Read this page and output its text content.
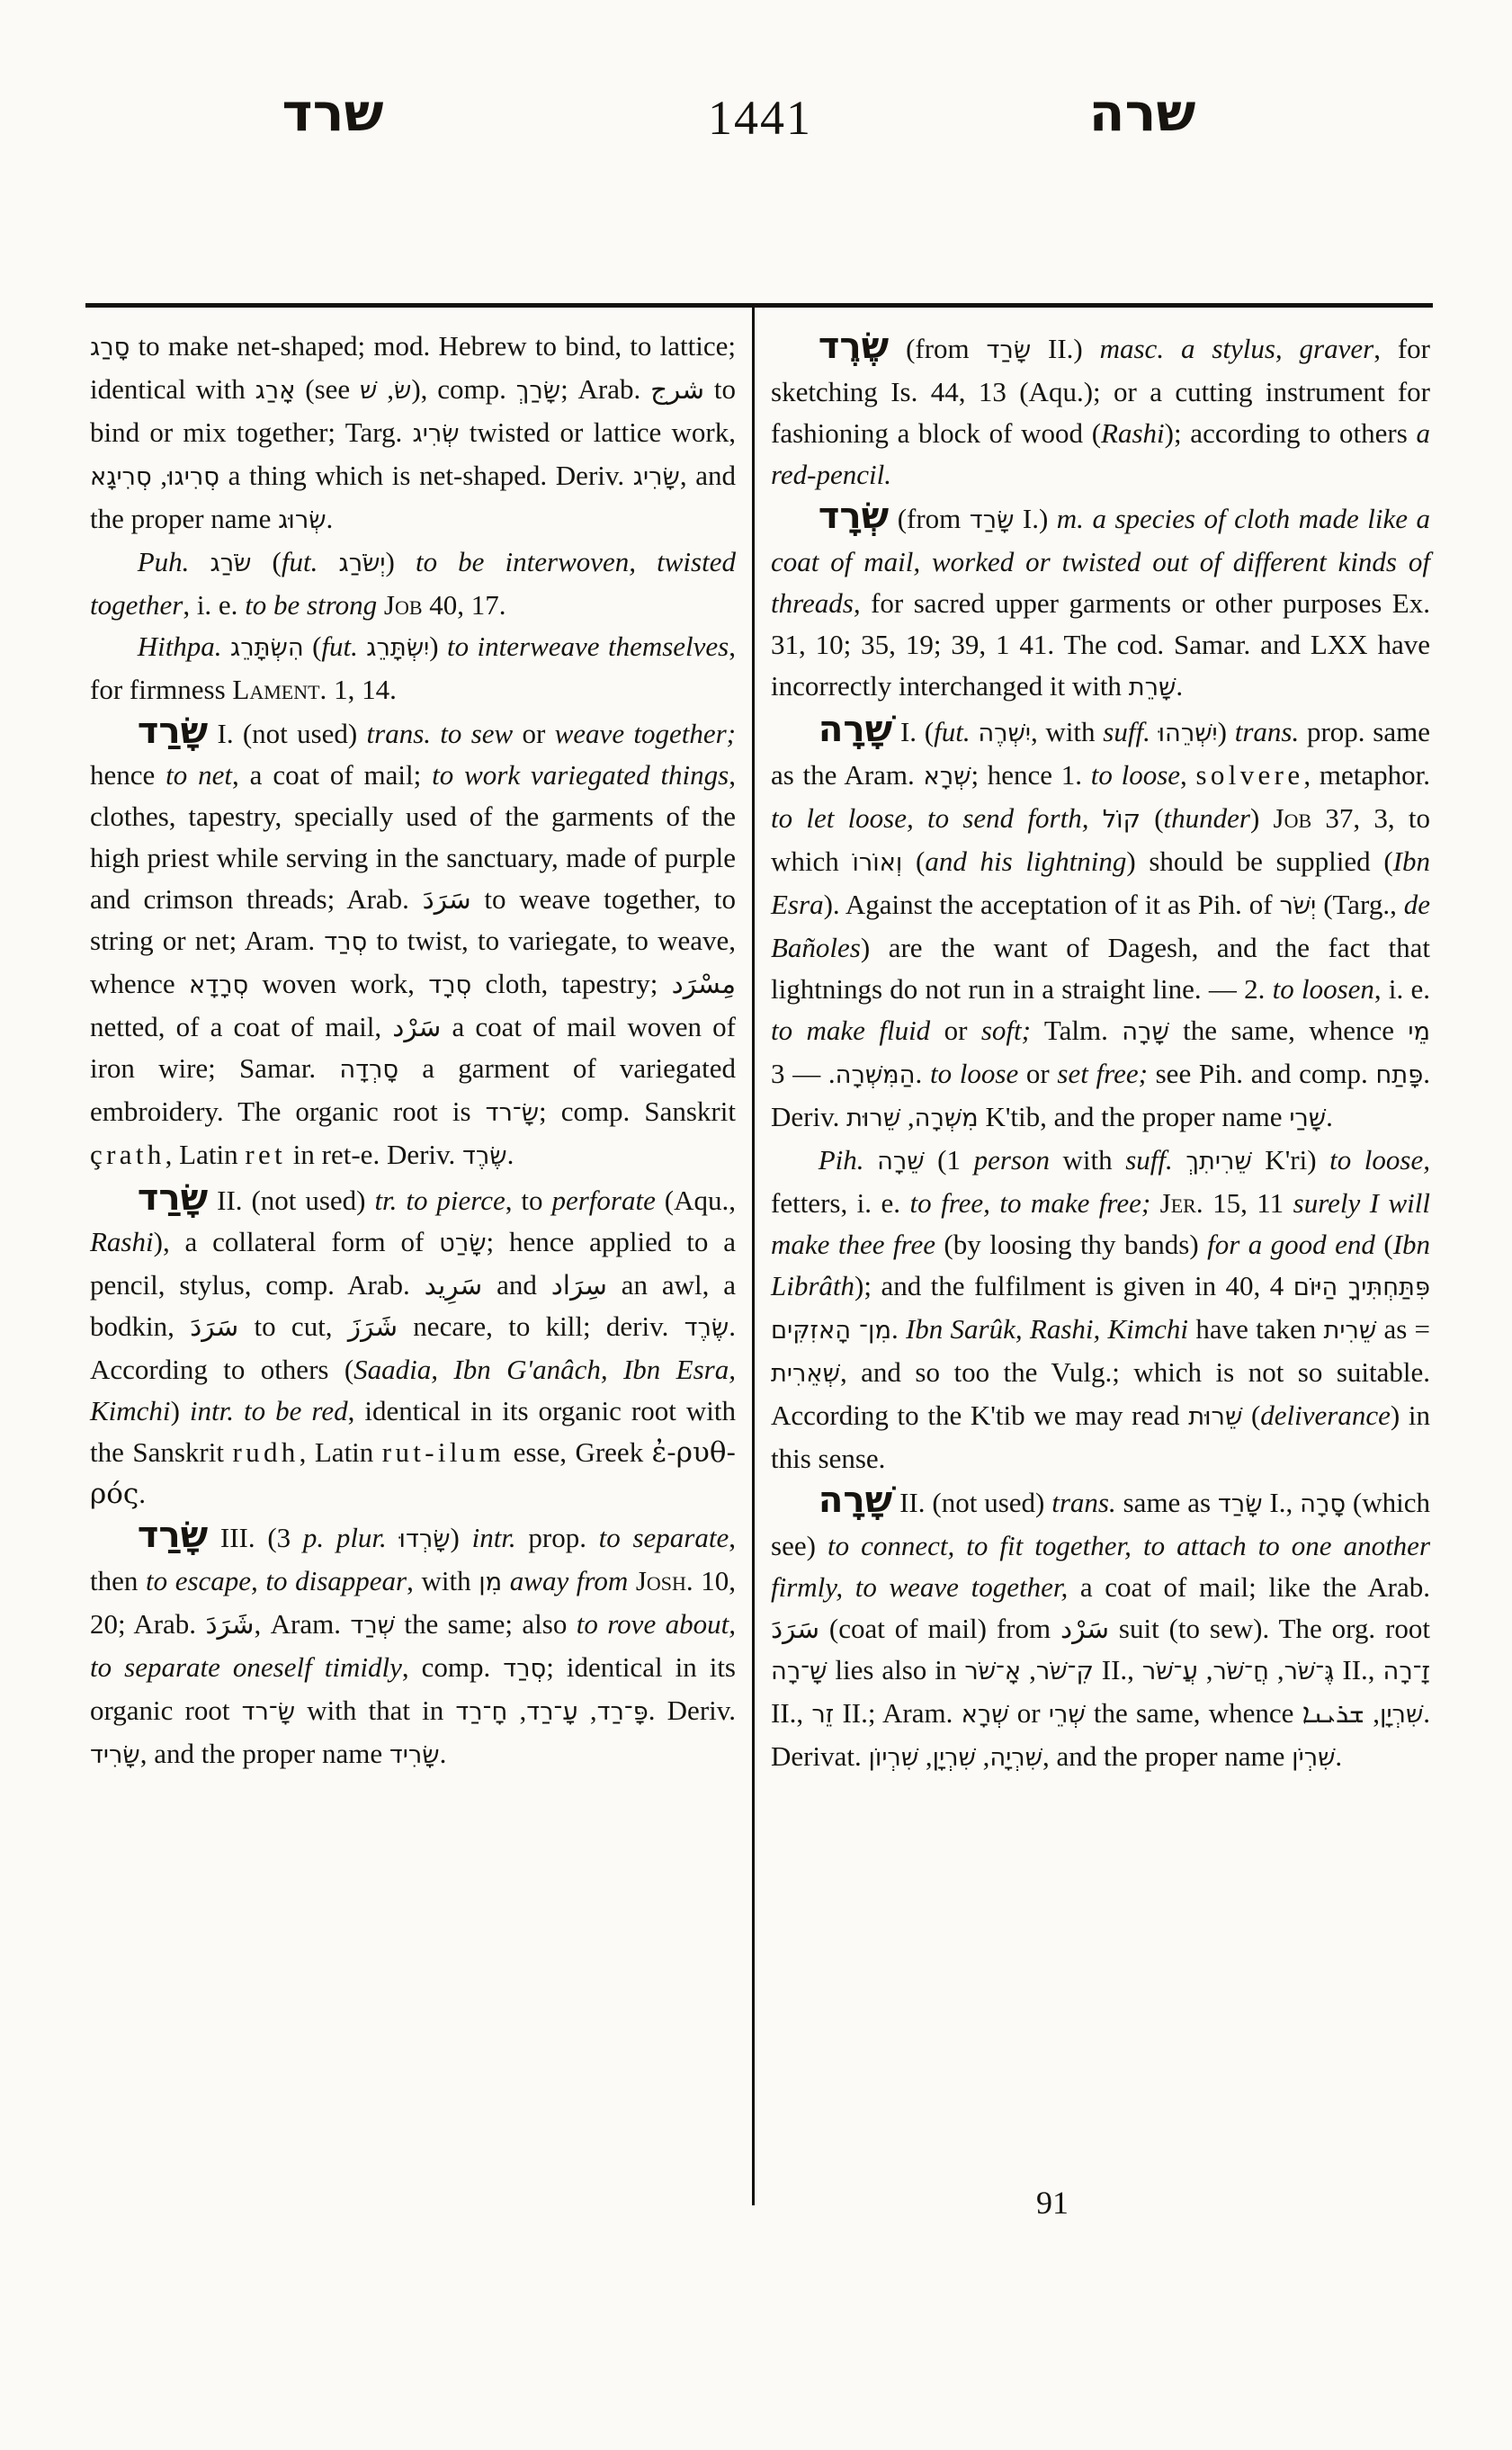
שרד	1441	שרה

סָרַג to make net-shaped; mod. Hebrew to bind, to lattice; identical with אָרַג (see שׂ, שׁ ), comp. שָׂרַךְ; Arab. شرج to bind or mix together; Targ. שְׂרִיג twisted or lattice work, סְרִיגוּ, סְרִיגָא a thing which is net-shaped. Deriv. שָׂרִיג, and the proper name שְׂרוּג.

Puh. שֹׂרַג (fut. יְשֹׂרַג) to be interwoven, twisted together, i. e. to be strong Job 40, 17.

Hithpa. הִשְׂתָּרֵג (fut. יִשְׂתָּרֵג) to interweave themselves, for firmness Lament. 1, 14.

שָׂרַד I. (not used) trans. to sew or weave together; hence to net, a coat of mail; to work variegated things, clothes, tapestry, specially used of the garments of the high priest while serving in the sanctuary, made of purple and crimson threads; Arab. سَرَدَ to weave together, to string or net; Aram. סְרַד to twist, to variegate, to weave, whence סְרָדָא woven work, סְרָד cloth, tapestry; مِسْرَد netted, of a coat of mail, سَرْد a coat of mail woven of iron wire; Samar. סָרְדָה a garment of variegated embroidery. The organic root is שָׂ־רד; comp. Sanskrit çrath, Latin ret in ret-e. Deriv. שֶׂרֶד.

שָׂרַד II. (not used) tr. to pierce, to perforate (Aqu., Rashi), a collateral form of שָׂרַט; hence applied to a pencil, stylus, comp. Arab. سَرِيد and سِرَاد an awl, a bodkin, سَرَدَ to cut, شَرَزَ necare, to kill; deriv. שֶׂרֶד. According to others (Saadia, Ibn G'anâch, Ibn Esra, Kimchi) intr. to be red, identical in its organic root with the Sanskrit rudh, Latin rut-ilum esse, Greek ἐ-ρυθ-ρός.

שָׂרַד III. (3 p. plur. שָׂרְדוּ) intr. prop. to separate, then to escape, to disappear, with מִן away from Josh. 10, 20; Arab. شَرَدَ, Aram. שְׁרַד the same; also to rove about, to separate oneself timidly, comp. סְרַד; identical in its organic root שָׂ־רד with that in	פָּ־רַד, עָ־רַד, חָ־רַד	. Deriv. שָׂרִיד, and the proper name שָׂרִיד.

שֶׂרֶד (from שָׂרַד II.) masc. a stylus, graver, for sketching Is. 44, 13 (Aqu.); or a cutting instrument for fashioning a block of wood (Rashi); according to others a red-pencil.

שְׂרָד (from שָׂרַד I.) m. a species of cloth made like a coat of mail, worked or twisted out of different kinds of threads, for sacred upper garments or other purposes Ex. 31, 10; 35, 19; 39, 1 41. The cod. Samar. and LXX have incorrectly interchanged it with שָׁרֵת.

שָׁרָה I. (fut. יִשְׁרֶה, with suff. יִשְׁרֵהוּ) trans. prop. same as the Aram. שְׁרָא; hence 1. to loose, solvere, metaphor. to let loose, to send forth, קוֹל (thunder) Job 37, 3, to which וְאוֹרוֹ (and his lightning) should be supplied (Ibn Esra). Against the acceptation of it as Pih. of יְשֹׁר (Targ., de Bañoles) are the want of Dagesh, and the fact that lightnings do not run in a straight line. — 2. to loosen, i. e. to make fluid or soft; Talm. שָׁרָה the same, whence מֵי הַמִּשְׁרָה. — 3. to loose or set free; see Pih. and comp. פָּתַח. Deriv.	מִשְׁרָה, שֵׁרוּת	K'tib, and the proper name שָׁרַי.

Pih. שֵׁרָה (1 person with suff. שֵׁרִיתִךְ K'ri) to loose, fetters, i. e. to free, to make free; Jer. 15, 11 surely I will make thee free (by loosing thy bands) for a good end (Ibn Librâth); and the fulfilment is given in 40, 4 פִּתַּחְתִּיךָ הַיּוֹם מִן־ הָאזִקִּים. Ibn Sarûk, Rashi, Kimchi have taken שֵׁרִית as = שְׁאֵרִית, and so too the Vulg.; which is not so suitable. According to the K'tib we may read שֵׁרוּת (deliverance) in this sense.

שָׁרָה II. (not used) trans. same as שָׂרַד I., סָרָה (which see) to connect, to fit together, to attach to one another firmly, to weave together, a coat of mail; like the Arab. سَرَدَ (coat of mail) from سَرْد suit (to sew). The org. root שָׁ־רָה lies also in	קִ־שֹׁר, אָ־שֹׁר	II.,	גֶּ־שֹׁר, חֲ־שֹׁר, עֲ־שֹׁר	II., זָ־רָה II., זֵר II.; Aram. שְׁרָא or שְׁרֵי the same, whence	שִׁרְיָן, ܫܪܝܢܐ . Derivat.	שִׁרְיָה, שִׁרְיָן, שִׁרְיוֹן	, and the proper name שִׁרְיֹן.

91
